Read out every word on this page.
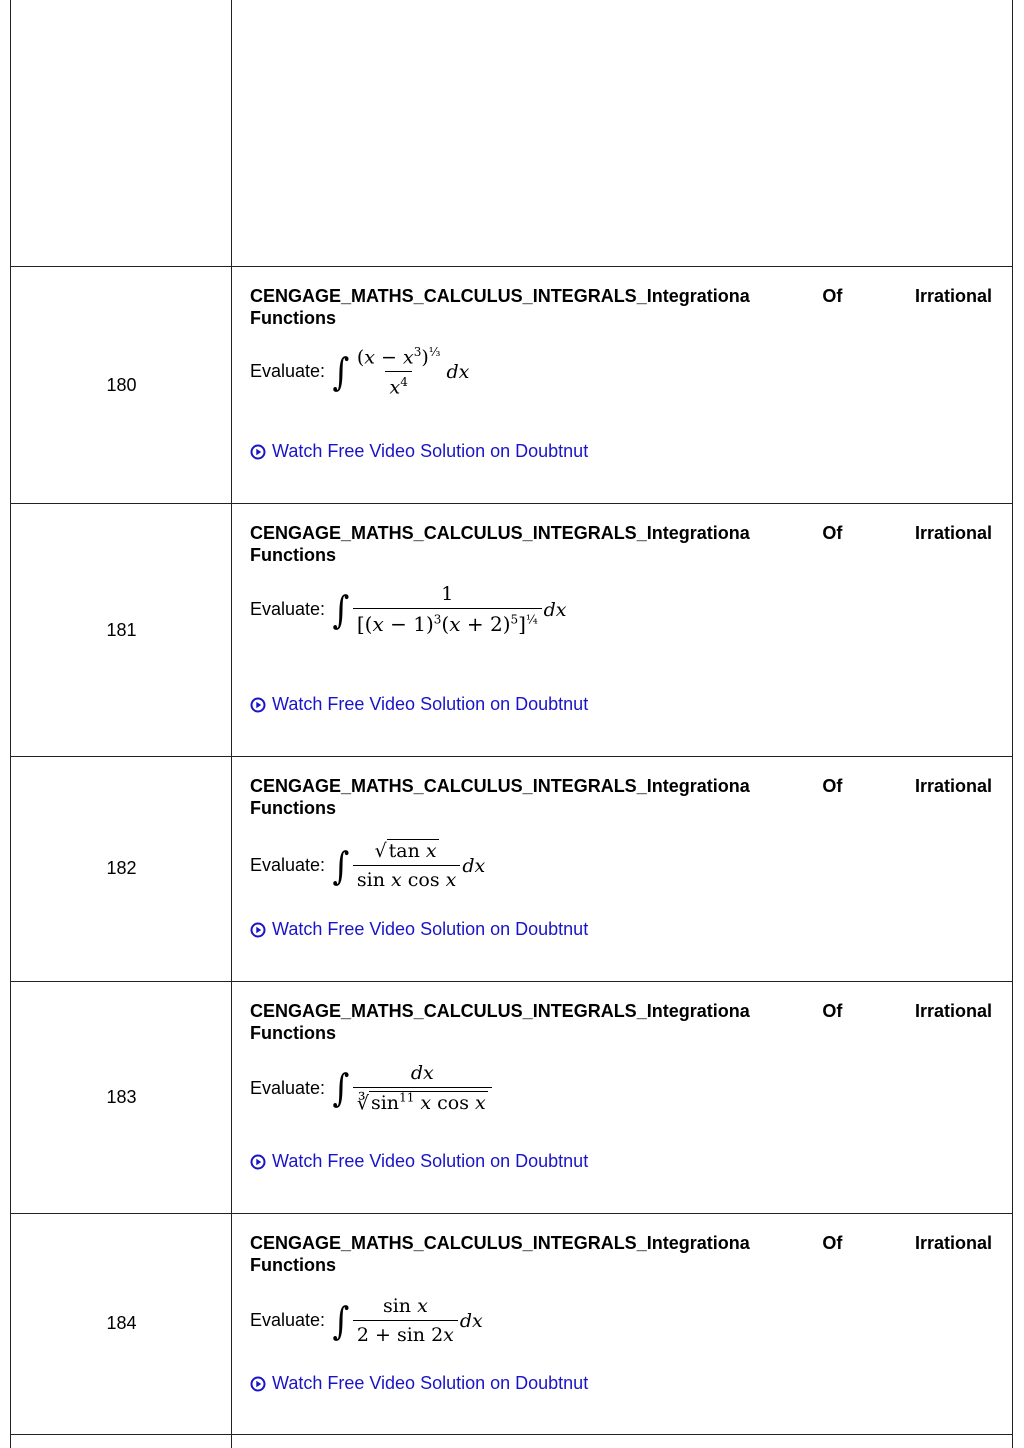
180
CENGAGE_MATHS_CALCULUS_INTEGRALS_Integrationa	Of	Irrational
Functions
Evaluate: ∫ $\frac{(x - x^3)^{\frac{1}{3}}}{x^4}$ dx
Watch Free Video Solution on Doubtnut
181
CENGAGE_MATHS_CALCULUS_INTEGRALS_Integrationa	Of	Irrational
Functions
Evaluate: ∫ $\frac{1}{[(x - 1)^3(x + 2)^5]^{\frac{1}{4}}}$ dx
Watch Free Video Solution on Doubtnut
182
CENGAGE_MATHS_CALCULUS_INTEGRALS_Integrationa	Of	Irrational
Functions
Evaluate: ∫ $\frac{\text{√ tan x}}{\text{sin x cos x}}$ dx
Watch Free Video Solution on Doubtnut
183
CENGAGE_MATHS_CALCULUS_INTEGRALS_Integrationa	Of	Irrational
Functions
Evaluate: ∫ $\frac{dx}{∛ \sin^{11} x \cos x}$
Watch Free Video Solution on Doubtnut
184
CENGAGE_MATHS_CALCULUS_INTEGRALS_Integrationa	Of	Irrational
Functions
Evaluate: ∫ $\frac{\text{sin x}}{2 + \sin 2x}$ dx
Watch Free Video Solution on Doubtnut
